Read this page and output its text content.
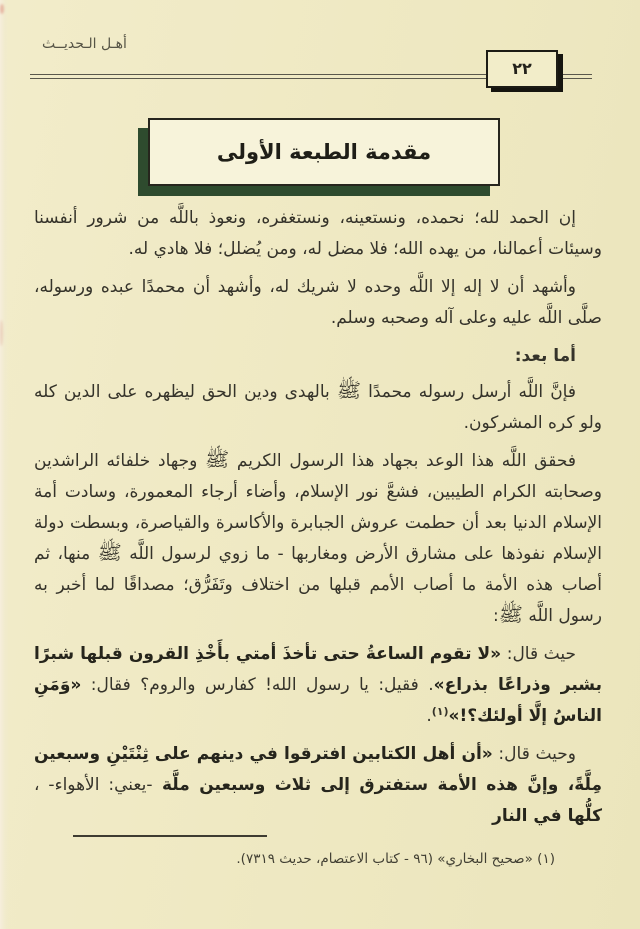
أهـل الـحديــث
٢٢
مقدمة الطبعة الأولى

إن الحمد لله؛ نحمده، ونستعينه، ونستغفره، ونعوذ باللَّه من شرور أنفسنا وسيئات أعمالنا، من يهده الله؛ فلا مضل له، ومن يُضلل؛ فلا هادي له.

وأشهد أن لا إله إلا اللَّه وحده لا شريك له، وأشهد أن محمدًا عبده ورسوله، صلَّى اللَّه عليه وعلى آله وصحبه وسلم.

أما بعد:

فإنَّ اللَّه أرسل رسوله محمدًا ﷺ بالهدى ودين الحق ليظهره على الدين كله ولو كره المشركون.

فحقق اللَّه هذا الوعد بجهاد هذا الرسول الكريم ﷺ وجهاد خلفائه الراشدين وصحابته الكرام الطيبين، فشعَّ نور الإسلام، وأضاء أرجاء المعمورة، وسادت أمة الإسلام الدنيا بعد أن حطمت عروش الجبابرة والأكاسرة والقياصرة، وبسطت دولة الإسلام نفوذها على مشارق الأرض ومغاربها - ما زوي لرسول اللَّه ﷺ منها، ثم أصاب هذه الأمة ما أصاب الأمم قبلها من اختلاف وتَفَرُّق؛ مصداقًا لما أخبر به رسول اللَّه ﷺ:

حيث قال: «لا تقوم الساعةُ حتى تأخذَ أمتي بأَخْذِ القرون قبلها شبرًا بشبر وذراعًا بذراع». فقيل: يا رسول الله! كفارس والروم؟ فقال: «وَمَنِ الناسُ إلَّا أولئك؟!»$^{(١)}$.

وحيث قال: «أن أهل الكتابين افترقوا في دينهم على ثِنْتَيْنِ وسبعين مِلَّةً، وإنَّ هذه الأمة ستفترق إلى ثلاث وسبعين ملَّة -يعني: الأهواء- ، كلُّها في النار

(١) «صحيح البخاري» (٩٦ - كتاب الاعتصام، حديث ٧٣١٩).
